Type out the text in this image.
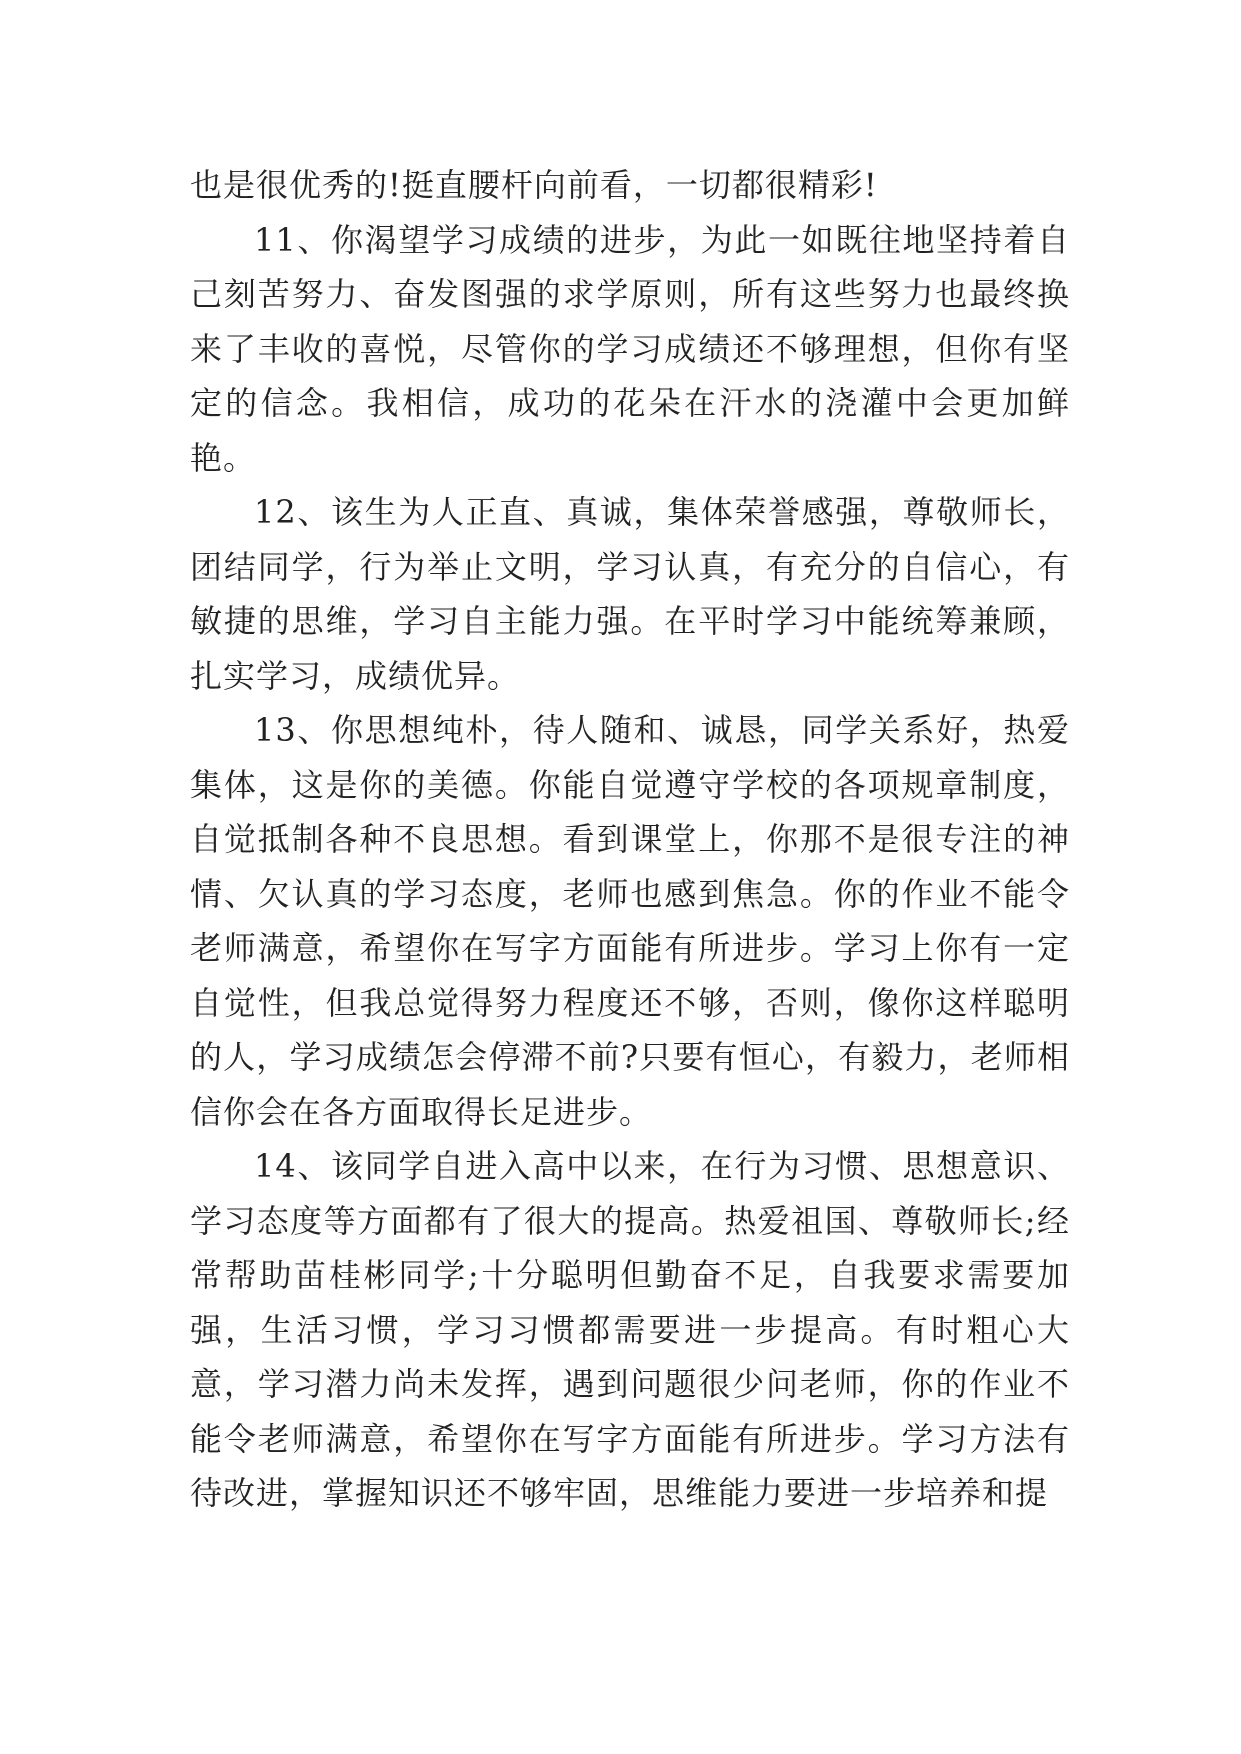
也是很优秀的!挺直腰杆向前看，一切都很精彩!

11、你渴望学习成绩的进步，为此一如既往地坚持着自己刻苦努力、奋发图强的求学原则，所有这些努力也最终换来了丰收的喜悦，尽管你的学习成绩还不够理想，但你有坚定的信念。我相信，成功的花朵在汗水的浇灌中会更加鲜艳。

12、该生为人正直、真诚，集体荣誉感强，尊敬师长，团结同学，行为举止文明，学习认真，有充分的自信心，有敏捷的思维，学习自主能力强。在平时学习中能统筹兼顾，扎实学习，成绩优异。

13、你思想纯朴，待人随和、诚恳，同学关系好，热爱集体，这是你的美德。你能自觉遵守学校的各项规章制度，自觉抵制各种不良思想。看到课堂上，你那不是很专注的神情、欠认真的学习态度，老师也感到焦急。你的作业不能令老师满意，希望你在写字方面能有所进步。学习上你有一定自觉性，但我总觉得努力程度还不够，否则，像你这样聪明的人，学习成绩怎会停滞不前?只要有恒心，有毅力，老师相信你会在各方面取得长足进步。

14、该同学自进入高中以来，在行为习惯、思想意识、学习态度等方面都有了很大的提高。热爱祖国、尊敬师长;经常帮助苗桂彬同学;十分聪明但勤奋不足，自我要求需要加强，生活习惯，学习习惯都需要进一步提高。有时粗心大意，学习潜力尚未发挥，遇到问题很少问老师，你的作业不能令老师满意，希望你在写字方面能有所进步。学习方法有待改进，掌握知识还不够牢固，思维能力要进一步培养和提
